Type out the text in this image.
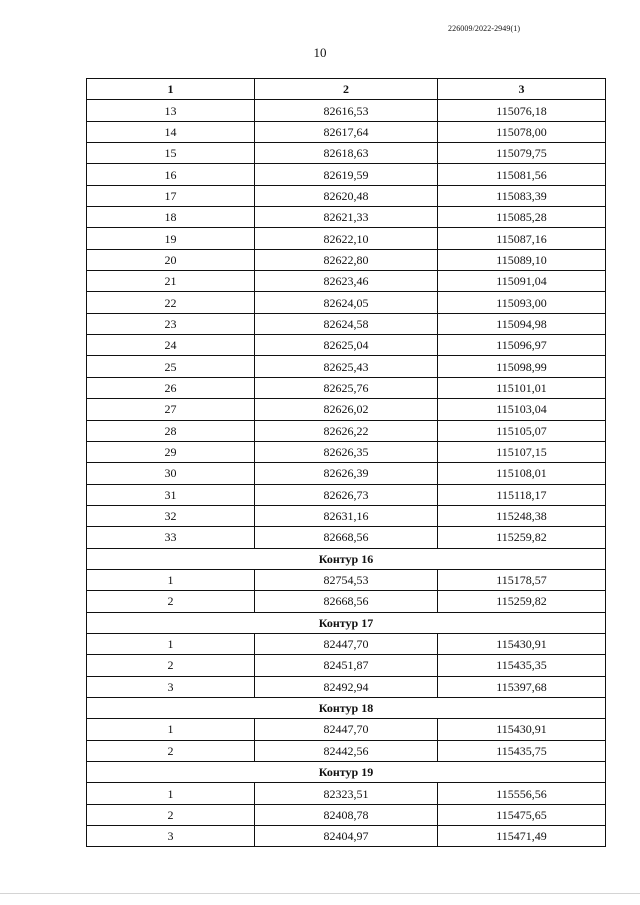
226009/2022-2949(1)
10
1	2	3
13	82616,53	115076,18
14	82617,64	115078,00
15	82618,63	115079,75
16	82619,59	115081,56
17	82620,48	115083,39
18	82621,33	115085,28
19	82622,10	115087,16
20	82622,80	115089,10
21	82623,46	115091,04
22	82624,05	115093,00
23	82624,58	115094,98
24	82625,04	115096,97
25	82625,43	115098,99
26	82625,76	115101,01
27	82626,02	115103,04
28	82626,22	115105,07
29	82626,35	115107,15
30	82626,39	115108,01
31	82626,73	115118,17
32	82631,16	115248,38
33	82668,56	115259,82
Контур 16		
1	82754,53	115178,57
2	82668,56	115259,82
Контур 17		
1	82447,70	115430,91
2	82451,87	115435,35
3	82492,94	115397,68
Контур 18		
1	82447,70	115430,91
2	82442,56	115435,75
Контур 19		
1	82323,51	115556,56
2	82408,78	115475,65
3	82404,97	115471,49
